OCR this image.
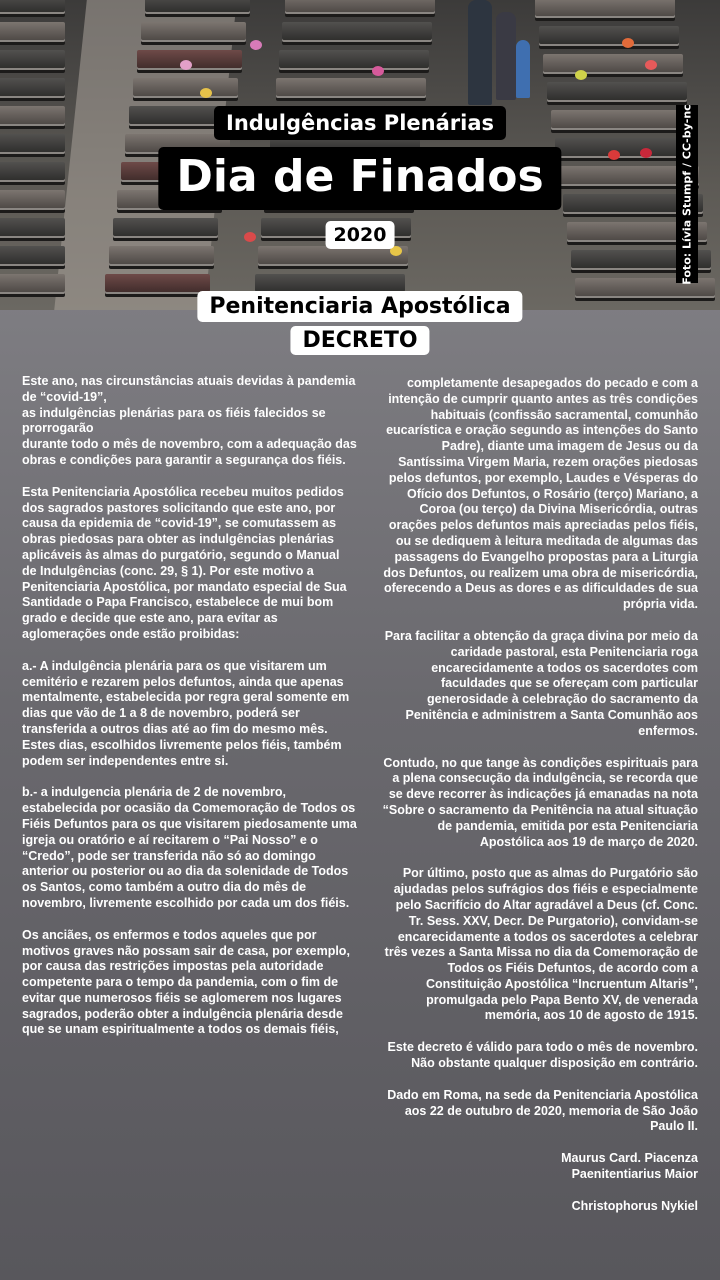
Foto: Lívia Stumpf / CC-by-nc
Indulgências Plenárias
Dia de Finados
2020
Penitenciaria Apostólica
DECRETO

Este ano, nas circunstâncias atuais devidas à pandemia de “covid-19”,
as indulgências plenárias para os fiéis falecidos se prorrogarão
durante todo o mês de novembro, com a adequação das obras e condições para garantir a segurança dos fiéis.

Esta Penitenciaria Apostólica recebeu muitos pedidos dos sagrados pastores solicitando que este ano, por causa da epidemia de “covid-19”, se comutassem as obras piedosas para obter as indulgências plenárias aplicáveis às almas do purgatório, segundo o Manual de Indulgências (conc. 29, § 1). Por este motivo a Penitenciaria Apostólica, por mandato especial de Sua Santidade o Papa Francisco, estabelece de mui bom grado e decide que este ano, para evitar as aglomerações onde estão proibidas:

a.- A indulgência plenária para os que visitarem um cemitério e rezarem pelos defuntos, ainda que apenas mentalmente, estabelecida por regra geral somente em dias que vão de 1 a 8 de novembro, poderá ser transferida a outros dias até ao fim do mesmo mês. Estes dias, escolhidos livremente pelos fiéis, também podem ser independentes entre si.

b.- a indulgencia plenária de 2 de novembro, estabelecida por ocasião da Comemoração de Todos os Fiéis Defuntos para os que visitarem piedosamente uma igreja ou oratório e aí recitarem o “Pai Nosso” e o “Credo”, pode ser transferida não só ao domingo anterior ou posterior ou ao dia da solenidade de Todos os Santos, como também a outro dia do mês de novembro, livremente escolhido por cada um dos fiéis.

Os anciães, os enfermos e todos aqueles que por motivos graves não possam sair de casa, por exemplo, por causa das restrições impostas pela autoridade competente para o tempo da pandemia, com o fim de evitar que numerosos fiéis se aglomerem nos lugares sagrados, poderão obter a indulgência plenária desde que se unam espiritualmente a todos os demais fiéis,

completamente desapegados do pecado e com a intenção de cumprir quanto antes as três condições habituais (confissão sacramental, comunhão eucarística e oração segundo as intenções do Santo Padre), diante uma imagem de Jesus ou da Santíssima Virgem Maria, rezem orações piedosas pelos defuntos, por exemplo, Laudes e Vésperas do Ofício dos Defuntos, o Rosário (terço) Mariano, a Coroa (ou terço) da Divina Misericórdia, outras orações pelos defuntos mais apreciadas pelos fiéis, ou se dediquem à leitura meditada de algumas das passagens do Evangelho propostas para a Liturgia dos Defuntos, ou realizem uma obra de misericórdia, oferecendo a Deus as dores e as dificuldades de sua própria vida.

Para facilitar a obtenção da graça divina por meio da caridade pastoral, esta Penitenciaria roga encarecidamente a todos os sacerdotes com faculdades que se ofereçam com particular generosidade à celebração do sacramento da Penitência e administrem a Santa Comunhão aos enfermos.

Contudo, no que tange às condições espirituais para a plena consecução da indulgência, se recorda que se deve recorrer às indicações já emanadas na nota “Sobre o sacramento da Penitência na atual situação de pandemia, emitida por esta Penitenciaria Apostólica aos 19 de março de 2020.

Por último, posto que as almas do Purgatório são ajudadas pelos sufrágios dos fiéis e especialmente pelo Sacrifício do Altar agradável a Deus (cf. Conc. Tr. Sess. XXV, Decr. De Purgatorio), convidam-se encarecidamente a todos os sacerdotes a celebrar três vezes a Santa Missa no dia da Comemoração de Todos os Fiéis Defuntos, de acordo com a Constituição Apostólica “Incruentum Altaris”, promulgada pelo Papa Bento XV, de venerada memória, aos 10 de agosto de 1915.

Este decreto é válido para todo o mês de novembro. Não obstante qualquer disposição em contrário.

Dado em Roma, na sede da Penitenciaria Apostólica aos 22 de outubro de 2020, memoria de São João Paulo II.

Maurus Card. Piacenza
Paenitentiarius Maior
Christophorus Nykiel
